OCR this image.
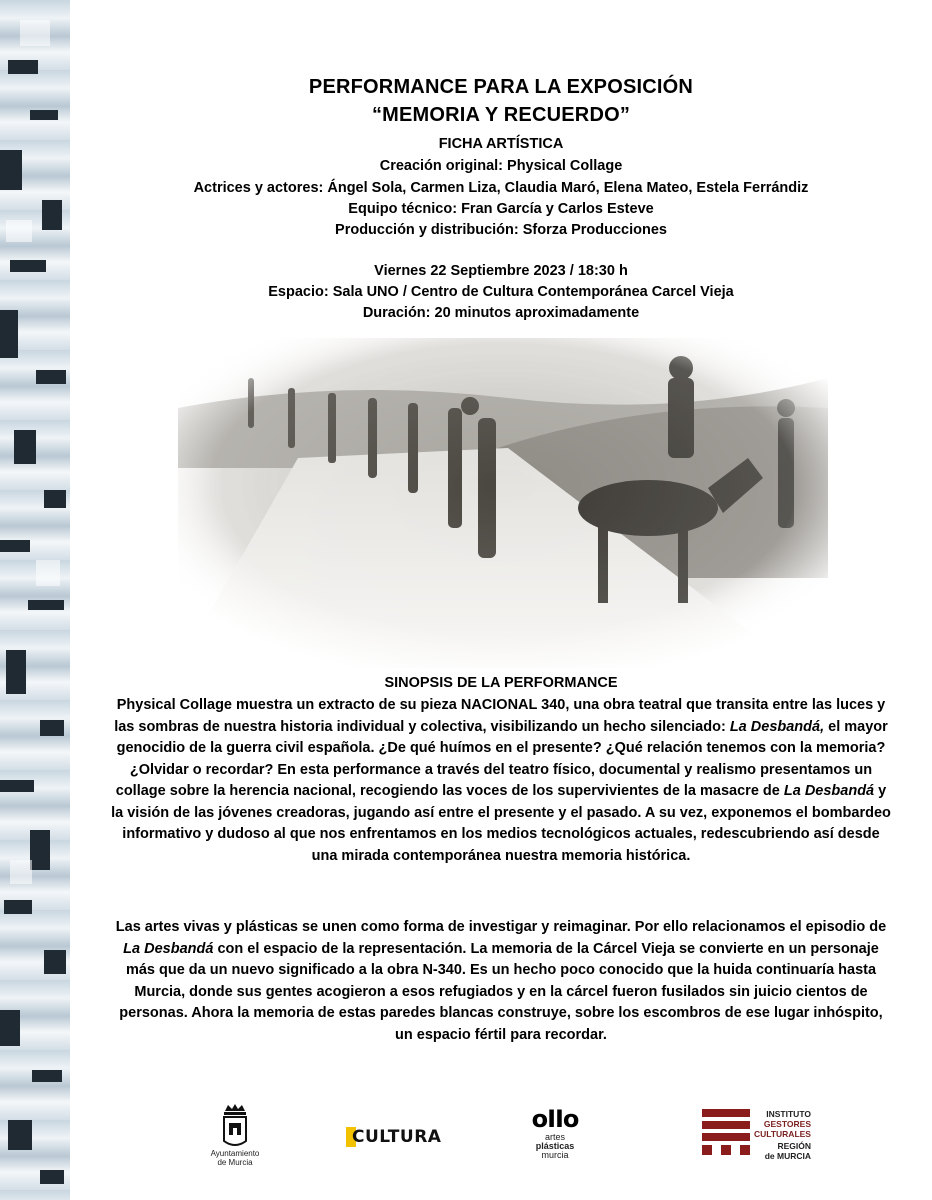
PERFORMANCE PARA LA EXPOSICIÓN
“MEMORIA Y RECUERDO”
FICHA ARTÍSTICA
Creación original: Physical Collage
Actrices y actores: Ángel Sola, Carmen Liza, Claudia Maró, Elena Mateo, Estela Ferrándiz
Equipo técnico: Fran García y Carlos Esteve
Producción y distribución: Sforza Producciones
Viernes 22 Septiembre 2023 / 18:30 h
Espacio: Sala UNO / Centro de Cultura Contemporánea Carcel Vieja
Duración: 20 minutos aproximadamente
SINOPSIS DE LA PERFORMANCE
Physical Collage muestra un extracto de su pieza NACIONAL 340, una obra teatral que transita entre las luces y las sombras de nuestra historia individual y colectiva, visibilizando un hecho silenciado: La Desbandá, el mayor genocidio de la guerra civil española. ¿De qué huímos en el presente? ¿Qué relación tenemos con la memoria? ¿Olvidar o recordar? En esta performance a través del teatro físico, documental y realismo presentamos un collage sobre la herencia nacional, recogiendo las voces de los supervivientes de la masacre de La Desbandá y la visión de las jóvenes creadoras, jugando así entre el presente y el pasado. A su vez, exponemos el bombardeo informativo y dudoso al que nos enfrentamos en los medios tecnológicos actuales, redescubriendo así desde una mirada contemporánea nuestra memoria histórica.
Las artes vivas y plásticas se unen como forma de investigar y reimaginar. Por ello relacionamos el episodio de La Desbandá con el espacio de la representación. La memoria de la Cárcel Vieja se convierte en un personaje más que da un nuevo significado a la obra N-340. Es un hecho poco conocido que la huida continuaría hasta Murcia, donde sus gentes acogieron a esos refugiados y en la cárcel fueron fusilados sin juicio cientos de personas. Ahora la memoria de estas paredes blancas construye, sobre los escombros de ese lugar inhóspito, un espacio fértil para recordar.
Ayuntamiento
de Murcia
CULTURA
oIIo
artes
plásticas
murcia
INSTITUTO
GESTORES
CULTURALES
REGIÓN
de MURCIA
